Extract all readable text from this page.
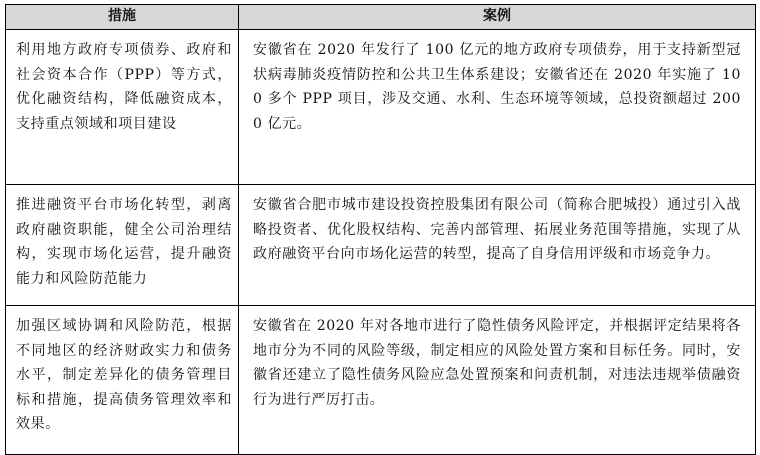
措施	案例
利用地方政府专项债券、政府和社会资本合作（PPP）等方式，优化融资结构，降低融资成本，支持重点领域和项目建设	安徽省在 2020 年发行了 100 亿元的地方政府专项债券，用于支持新型冠状病毒肺炎疫情防控和公共卫生体系建设；安徽省还在 2020 年实施了 100 多个 PPP 项目，涉及交通、水利、生态环境等领域，总投资额超过 2000 亿元。
推进融资平台市场化转型，剥离政府融资职能，健全公司治理结构，实现市场化运营，提升融资能力和风险防范能力	安徽省合肥市城市建设投资控股集团有限公司（简称合肥城投）通过引入战略投资者、优化股权结构、完善内部管理、拓展业务范围等措施，实现了从政府融资平台向市场化运营的转型，提高了自身信用评级和市场竞争力。
加强区域协调和风险防范，根据不同地区的经济财政实力和债务水平，制定差异化的债务管理目标和措施，提高债务管理效率和效果。	安徽省在 2020 年对各地市进行了隐性债务风险评定，并根据评定结果将各地市分为不同的风险等级，制定相应的风险处置方案和目标任务。同时，安徽省还建立了隐性债务风险应急处置预案和问责机制，对违法违规举债融资行为进行严厉打击。
